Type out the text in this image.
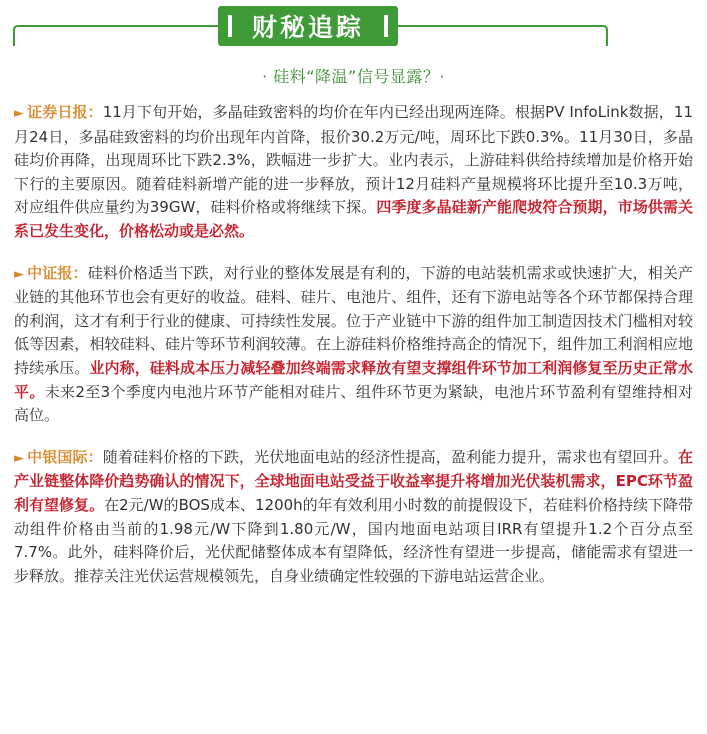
财秘追踪
· 硅料“降温”信号显露？·

► 证券日报：11月下旬开始，多晶硅致密料的均价在年内已经出现两连降。根据PV InfoLink数据，11月24日，多晶硅致密料的均价出现年内首降，报价30.2万元/吨，周环比下跌0.3%。11月30日，多晶硅均价再降，出现周环比下跌2.3%，跌幅进一步扩大。业内表示，上游硅料供给持续增加是价格开始下行的主要原因。随着硅料新增产能的进一步释放，预计12月硅料产量规模将环比提升至10.3万吨，对应组件供应量约为39GW，硅料价格或将继续下探。四季度多晶硅新产能爬坡符合预期，市场供需关系已发生变化，价格松动或是必然。

► 中证报：硅料价格适当下跌，对行业的整体发展是有利的，下游的电站装机需求或快速扩大，相关产业链的其他环节也会有更好的收益。硅料、硅片、电池片、组件，还有下游电站等各个环节都保持合理的利润，这才有利于行业的健康、可持续性发展。位于产业链中下游的组件加工制造因技术门槛相对较低等因素，相较硅料、硅片等环节利润较薄。在上游硅料价格维持高企的情况下，组件加工利润相应地持续承压。业内称，硅料成本压力减轻叠加终端需求释放有望支撑组件环节加工利润修复至历史正常水平。未来2至3个季度内电池片环节产能相对硅片、组件环节更为紧缺，电池片环节盈利有望维持相对高位。

► 中银国际：随着硅料价格的下跌，光伏地面电站的经济性提高，盈利能力提升，需求也有望回升。在产业链整体降价趋势确认的情况下，全球地面电站受益于收益率提升将增加光伏装机需求，EPC环节盈利有望修复。在2元/W的BOS成本、1200h的年有效利用小时数的前提假设下，若硅料价格持续下降带动组件价格由当前的1.98元/W下降到1.80元/W，国内地面电站项目IRR有望提升1.2个百分点至7.7%。此外，硅料降价后，光伏配储整体成本有望降低，经济性有望进一步提高，储能需求有望进一步释放。推荐关注光伏运营规模领先，自身业绩确定性较强的下游电站运营企业。
